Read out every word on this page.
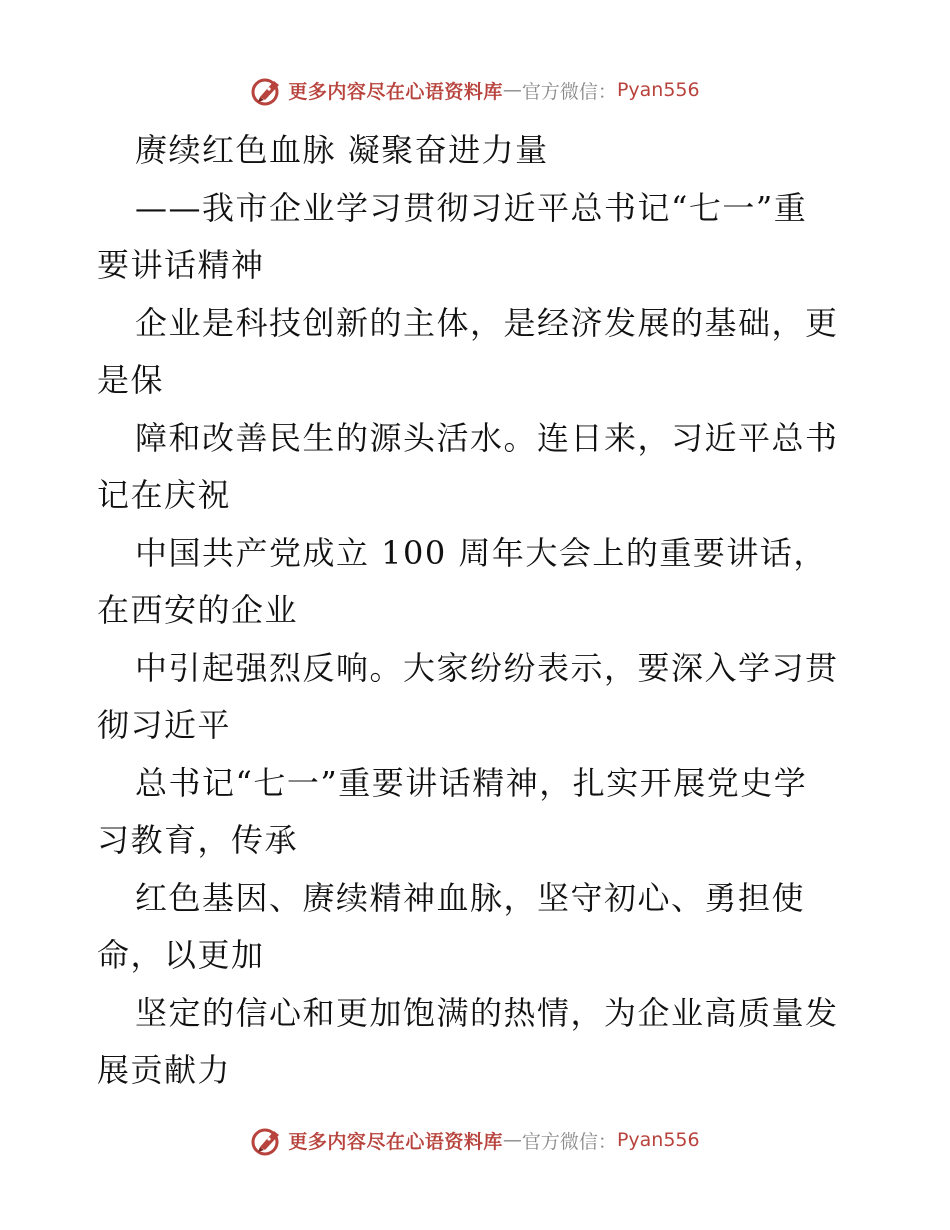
更多内容尽在心语资料库 — 官方微信： Pyan556
赓续红色血脉 凝聚奋进力量
——我市企业学习贯彻习近平总书记“七一”重
要讲话精神
企业是科技创新的主体，是经济发展的基础，更
是保
障和改善民生的源头活水。连日来，习近平总书
记在庆祝
中国共产党成立 100 周年大会上的重要讲话，
在西安的企业
中引起强烈反响。大家纷纷表示，要深入学习贯
彻习近平
总书记“七一”重要讲话精神，扎实开展党史学
习教育，传承
红色基因、赓续精神血脉，坚守初心、勇担使
命，以更加
坚定的信心和更加饱满的热情，为企业高质量发
展贡献力
更多内容尽在心语资料库 — 官方微信： Pyan556
